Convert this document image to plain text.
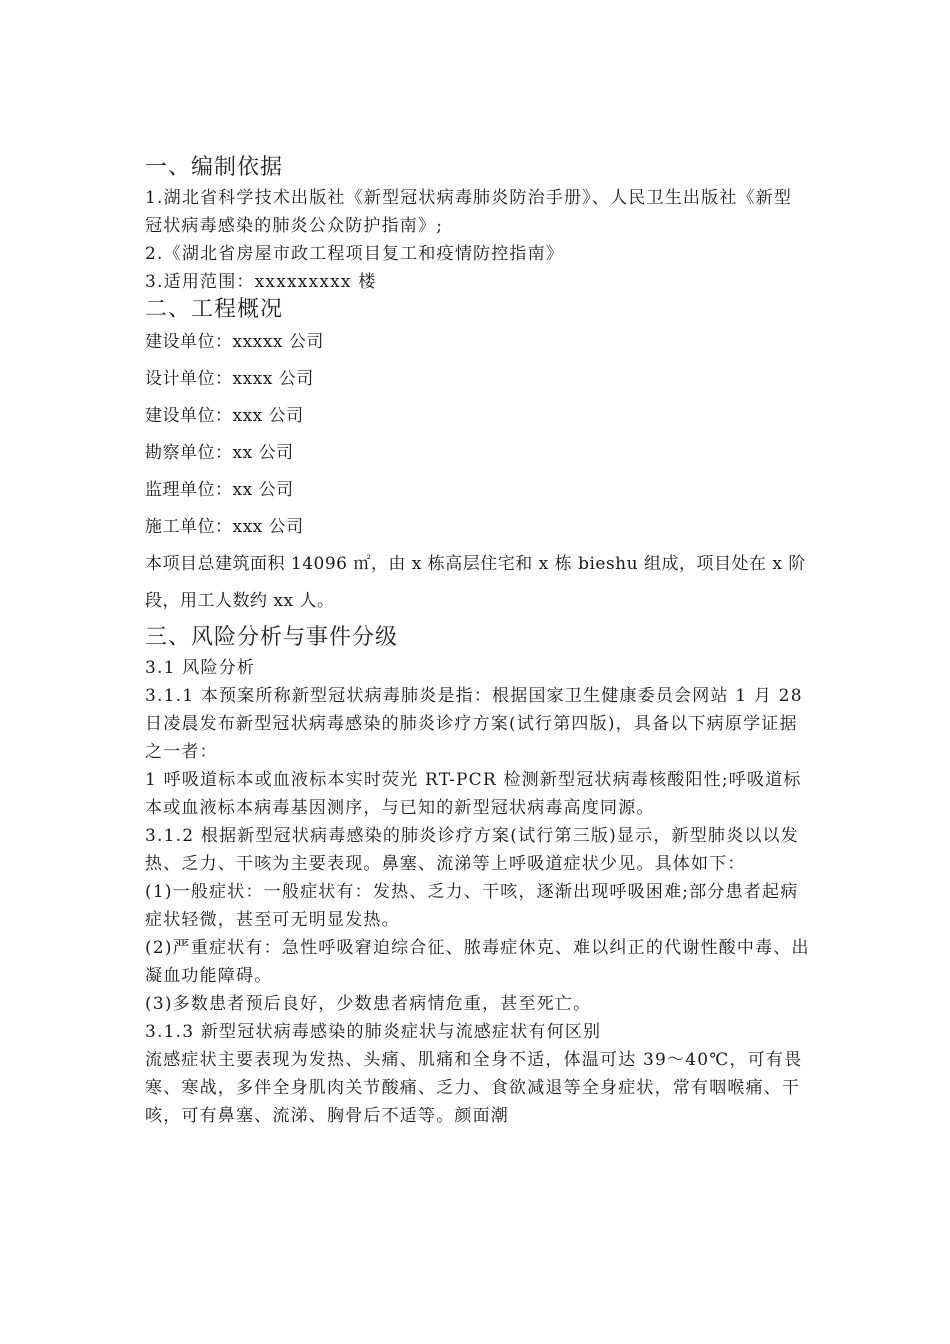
一、编制依据

1.湖北省科学技术出版社《新型冠状病毒肺炎防治手册》、人民卫生出版社《新型冠状病毒感染的肺炎公众防护指南》;

2.《湖北省房屋市政工程项目复工和疫情防控指南》

3.适用范围：xxxxxxxxx 楼

二、工程概况
建设单位：xxxxx 公司
设计单位：xxxx 公司
建设单位：xxx 公司
勘察单位：xx 公司
监理单位：xx 公司
施工单位：xxx 公司
本项目总建筑面积 14096 ㎡，由 x 栋高层住宅和 x 栋 bieshu 组成，项目处在 x 阶段，用工人数约 xx 人。
三、风险分析与事件分级
3.1 风险分析

3.1.1 本预案所称新型冠状病毒肺炎是指：根据国家卫生健康委员会网站 1 月 28 日凌晨发布新型冠状病毒感染的肺炎诊疗方案(试行第四版)，具备以下病原学证据之一者：

1 呼吸道标本或血液标本实时荧光 RT-PCR 检测新型冠状病毒核酸阳性;呼吸道标本或血液标本病毒基因测序，与已知的新型冠状病毒高度同源。

3.1.2 根据新型冠状病毒感染的肺炎诊疗方案(试行第三版)显示，新型肺炎以以发热、乏力、干咳为主要表现。鼻塞、流涕等上呼吸道症状少见。具体如下：

(1)一般症状：一般症状有：发热、乏力、干咳，逐渐出现呼吸困难;部分患者起病症状轻微，甚至可无明显发热。

(2)严重症状有：急性呼吸窘迫综合征、脓毒症休克、难以纠正的代谢性酸中毒、出凝血功能障碍。

(3)多数患者预后良好，少数患者病情危重，甚至死亡。

3.1.3 新型冠状病毒感染的肺炎症状与流感症状有何区别

流感症状主要表现为发热、头痛、肌痛和全身不适，体温可达 39～40℃，可有畏寒、寒战，多伴全身肌肉关节酸痛、乏力、食欲减退等全身症状，常有咽喉痛、干咳，可有鼻塞、流涕、胸骨后不适等。颜面潮
